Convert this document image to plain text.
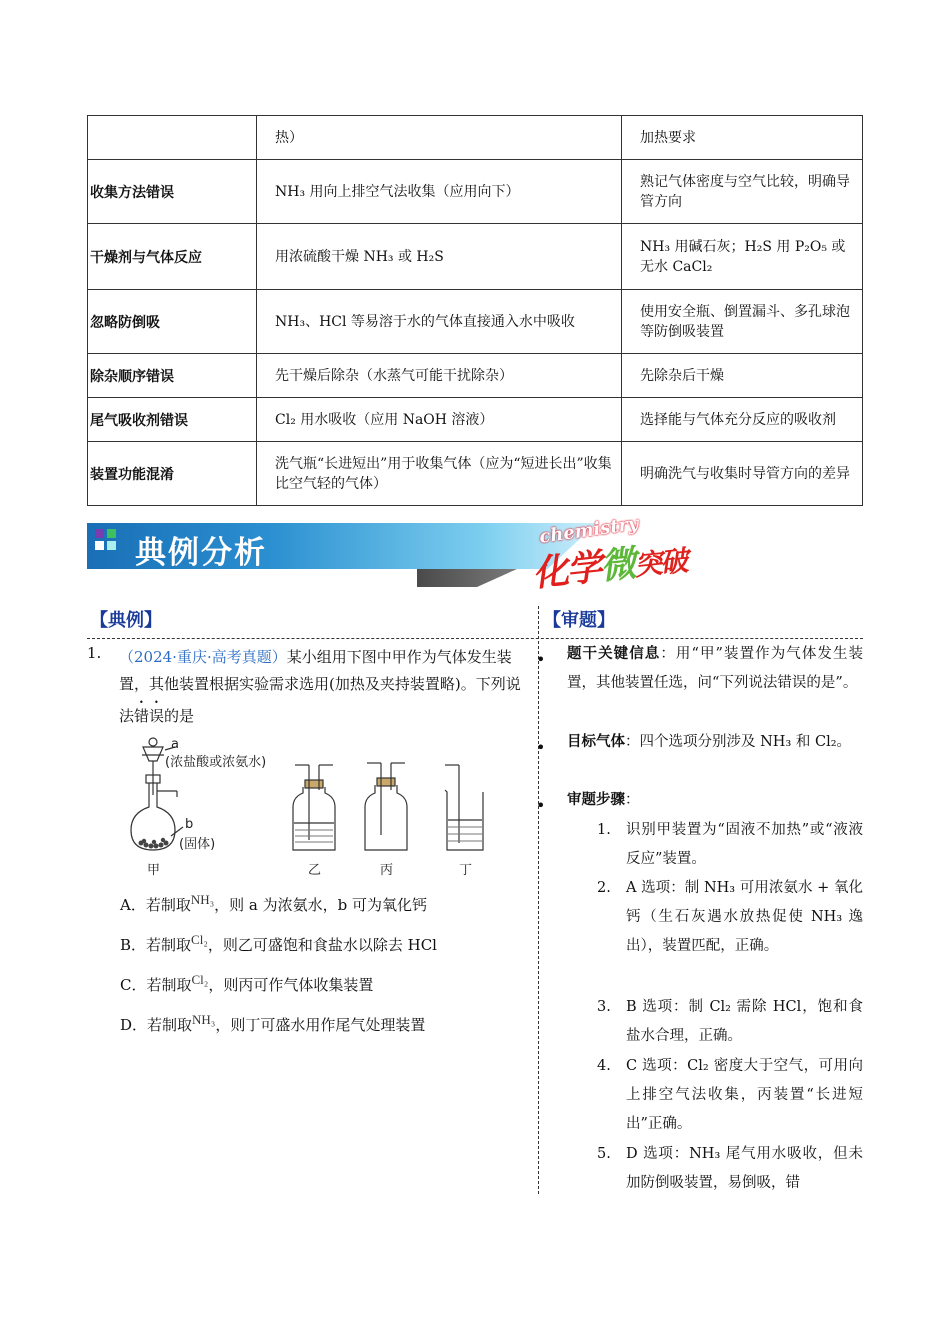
	热）	加热要求
收集方法错误	NH₃ 用向上排空气法收集（应用向下）	熟记气体密度与空气比较，明确导管方向
干燥剂与气体反应	用浓硫酸干燥 NH₃ 或 H₂S	NH₃ 用碱石灰；H₂S 用 P₂O₅ 或无水 CaCl₂
忽略防倒吸	NH₃、HCl 等易溶于水的气体直接通入水中吸收	使用安全瓶、倒置漏斗、多孔球泡等防倒吸装置
除杂顺序错误	先干燥后除杂（水蒸气可能干扰除杂）	先除杂后干燥
尾气吸收剂错误	Cl₂ 用水吸收（应用 NaOH 溶液）	选择能与气体充分反应的吸收剂
装置功能混淆	洗气瓶“长进短出”用于收集气体（应为“短进长出”收集比空气轻的气体）	明确洗气与收集时导管方向的差异
典例分析
chemistry
化学微突破
【典例】	【审题】
1. （2024·重庆·高考真题）某小组用下图中甲作为气体发生装置，其他装置根据实验需求选用(加热及夹持装置略)。下列说法错误的是
a
(浓盐酸或浓氨水)
b
(固体)
甲	乙	丙	丁
A．若制取NH₃，则 a 为浓氨水，b 可为氧化钙
B．若制取Cl₂，则乙可盛饱和食盐水以除去 HCl
C．若制取Cl₂，则丙可作气体收集装置
D．若制取NH₃，则丁可盛水用作尾气处理装置
•
题干关键信息：用“甲”装置作为气体发生装置，其他装置任选，问“下列说法错误的是”。
•
目标气体：四个选项分别涉及 NH₃ 和 Cl₂。
•
审题步骤：
1. 识别甲装置为“固液不加热”或“液液反应”装置。
2. A 选项：制 NH₃ 可用浓氨水 + 氧化钙（生石灰遇水放热促使 NH₃ 逸出），装置匹配，正确。
3. B 选项：制 Cl₂ 需除 HCl，饱和食盐水合理，正确。
4. C 选项：Cl₂ 密度大于空气，可用向上排空气法收集，丙装置“长进短出”正确。
5. D 选项：NH₃ 尾气用水吸收，但未加防倒吸装置，易倒吸，错
